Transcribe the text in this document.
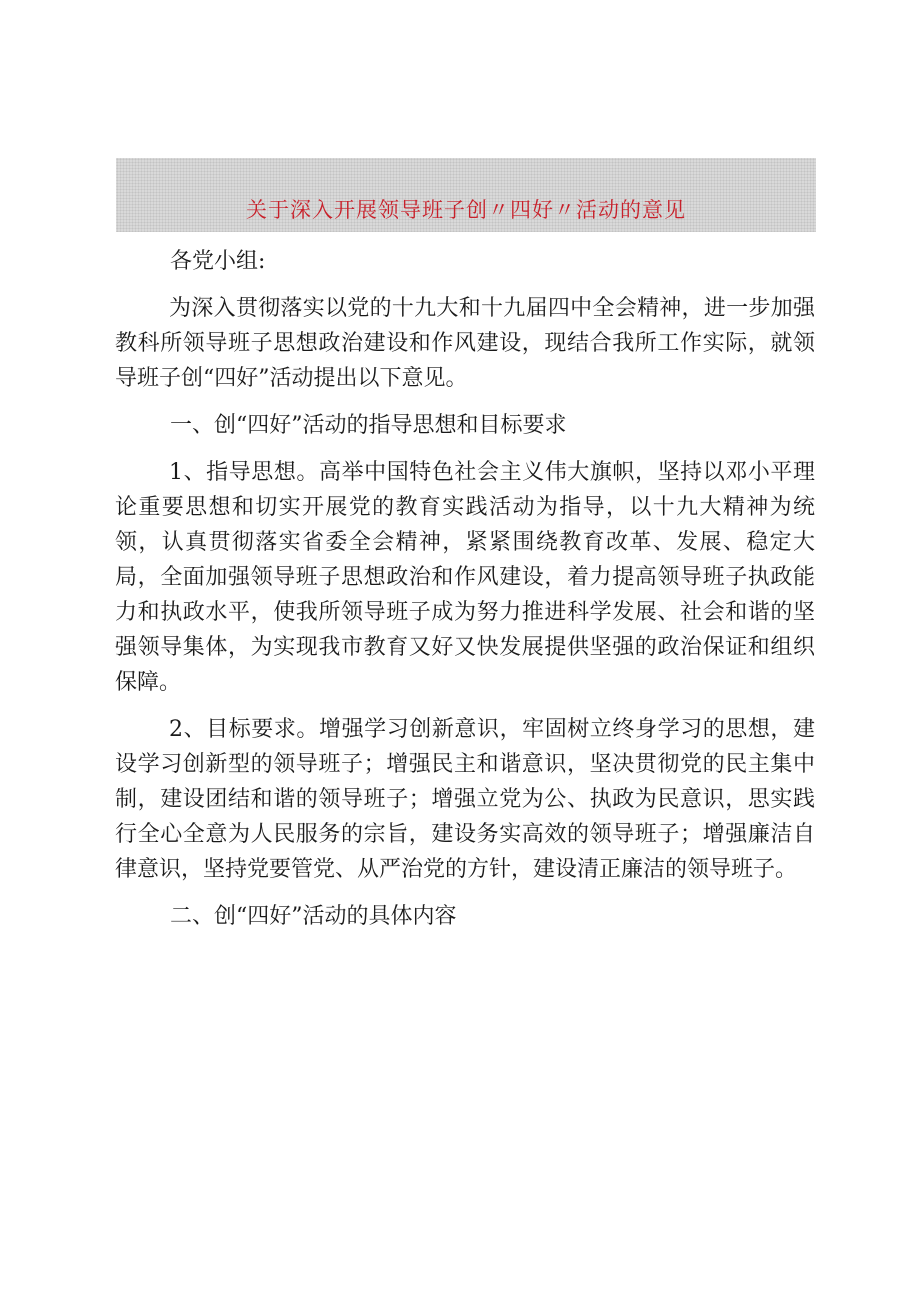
关于深入开展领导班子创〃四好〃活动的意见

各党小组:

为深入贯彻落实以党的十九大和十九届四中全会精神，进一步加强教科所领导班子思想政治建设和作风建设，现结合我所工作实际，就领导班子创“四好”活动提出以下意见。

一、创“四好”活动的指导思想和目标要求

1、指导思想。高举中国特色社会主义伟大旗帜，坚持以邓小平理论重要思想和切实开展党的教育实践活动为指导，以十九大精神为统领，认真贯彻落实省委全会精神，紧紧围绕教育改革、发展、稳定大局，全面加强领导班子思想政治和作风建设，着力提高领导班子执政能力和执政水平，使我所领导班子成为努力推进科学发展、社会和谐的坚强领导集体，为实现我市教育又好又快发展提供坚强的政治保证和组织保障。

2、目标要求。增强学习创新意识，牢固树立终身学习的思想，建设学习创新型的领导班子；增强民主和谐意识，坚决贯彻党的民主集中制，建设团结和谐的领导班子；增强立党为公、执政为民意识，思实践行全心全意为人民服务的宗旨，建设务实高效的领导班子；增强廉洁自律意识，坚持党要管党、从严治党的方针，建设清正廉洁的领导班子。

二、创“四好”活动的具体内容
